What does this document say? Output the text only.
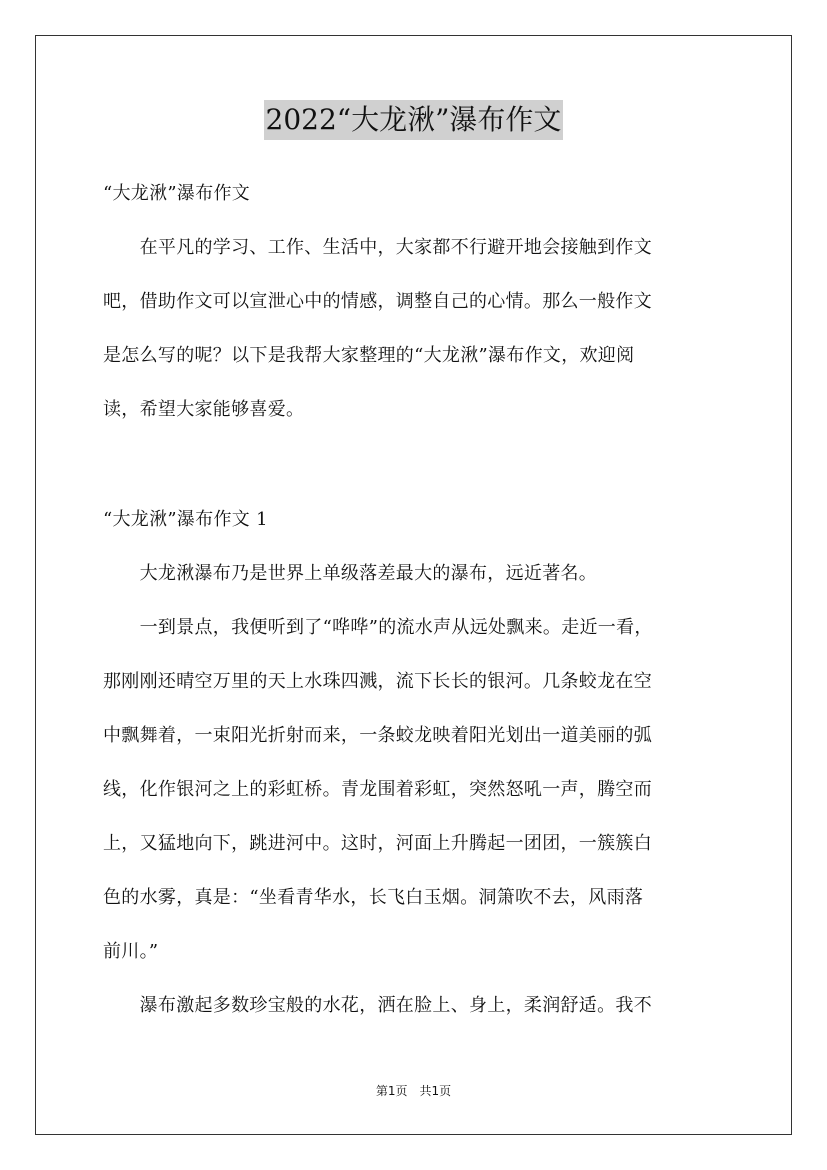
2022“大龙湫”瀑布作文
“大龙湫”瀑布作文
　　在平凡的学习、工作、生活中，大家都不行避开地会接触到作文
吧，借助作文可以宣泄心中的情感，调整自己的心情。那么一般作文
是怎么写的呢？以下是我帮大家整理的“大龙湫”瀑布作文，欢迎阅
读，希望大家能够喜爱。
“大龙湫”瀑布作文 1
　　大龙湫瀑布乃是世界上单级落差最大的瀑布，远近著名。
　　一到景点，我便听到了“哗哗”的流水声从远处飘来。走近一看，
那刚刚还晴空万里的天上水珠四溅，流下长长的银河。几条蛟龙在空
中飘舞着，一束阳光折射而来，一条蛟龙映着阳光划出一道美丽的弧
线，化作银河之上的彩虹桥。青龙围着彩虹，突然怒吼一声，腾空而
上，又猛地向下，跳进河中。这时，河面上升腾起一团团，一簇簇白
色的水雾，真是：“坐看青华水，长飞白玉烟。洞箫吹不去，风雨落
前川。”
　　瀑布激起多数珍宝般的水花，洒在脸上、身上，柔润舒适。我不
第1页　共1页
